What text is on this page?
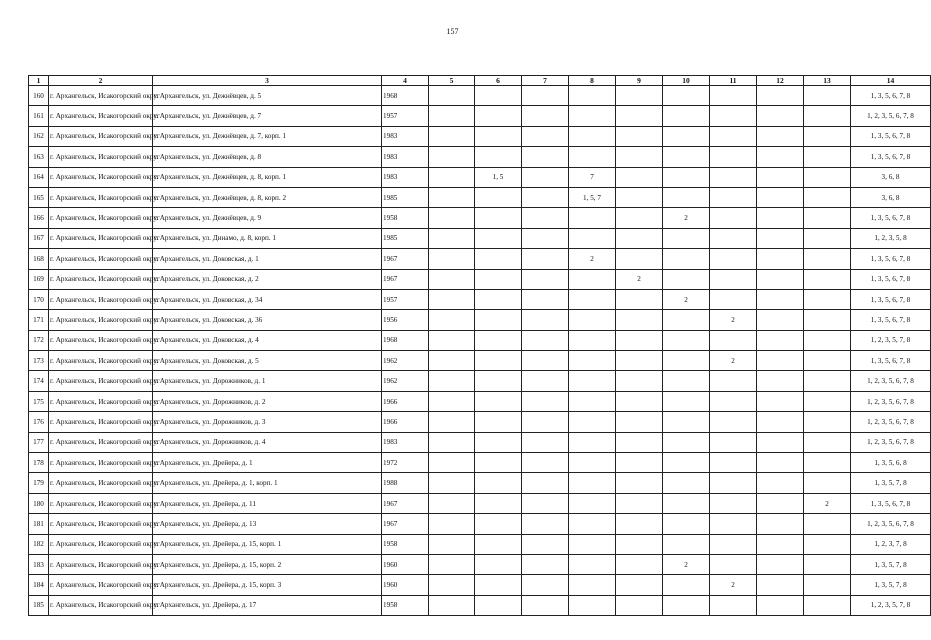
157
1	2	3	4	5	6	7	8	9	10	11	12	13	14
160	г. Архангельск, Исакогорский округ	г. Архангельск, ул. Дежнёвцев, д. 5	1968										1, 3, 5, 6, 7, 8
161	г. Архангельск, Исакогорский округ	г. Архангельск, ул. Дежнёвцев, д. 7	1957										1, 2, 3, 5, 6, 7, 8
162	г. Архангельск, Исакогорский округ	г. Архангельск, ул. Дежнёвцев, д. 7, корп. 1	1983										1, 3, 5, 6, 7, 8
163	г. Архангельск, Исакогорский округ	г. Архангельск, ул. Дежнёвцев, д. 8	1983										1, 3, 5, 6, 7, 8
164	г. Архангельск, Исакогорский округ	г. Архангельск, ул. Дежнёвцев, д. 8, корп. 1	1983		1, 5		7						3, 6, 8
165	г. Архангельск, Исакогорский округ	г. Архангельск, ул. Дежнёвцев, д. 8, корп. 2	1985				1, 5, 7						3, 6, 8
166	г. Архангельск, Исакогорский округ	г. Архангельск, ул. Дежнёвцев, д. 9	1958						2				1, 3, 5, 6, 7, 8
167	г. Архангельск, Исакогорский округ	г. Архангельск, ул. Динамо, д. 8, корп. 1	1985										1, 2, 3, 5, 8
168	г. Архангельск, Исакогорский округ	г. Архангельск, ул. Доковская, д. 1	1967				2						1, 3, 5, 6, 7, 8
169	г. Архангельск, Исакогорский округ	г. Архангельск, ул. Доковская, д. 2	1967					2					1, 3, 5, 6, 7, 8
170	г. Архангельск, Исакогорский округ	г. Архангельск, ул. Доковская, д. 34	1957						2				1, 3, 5, 6, 7, 8
171	г. Архангельск, Исакогорский округ	г. Архангельск, ул. Доковская, д. 36	1956							2			1, 3, 5, 6, 7, 8
172	г. Архангельск, Исакогорский округ	г. Архангельск, ул. Доковская, д. 4	1968										1, 2, 3, 5, 7, 8
173	г. Архангельск, Исакогорский округ	г. Архангельск, ул. Доковская, д. 5	1962							2			1, 3, 5, 6, 7, 8
174	г. Архангельск, Исакогорский округ	г. Архангельск, ул. Дорожников, д. 1	1962										1, 2, 3, 5, 6, 7, 8
175	г. Архангельск, Исакогорский округ	г. Архангельск, ул. Дорожников, д. 2	1966										1, 2, 3, 5, 6, 7, 8
176	г. Архангельск, Исакогорский округ	г. Архангельск, ул. Дорожников, д. 3	1966										1, 2, 3, 5, 6, 7, 8
177	г. Архангельск, Исакогорский округ	г. Архангельск, ул. Дорожников, д. 4	1983										1, 2, 3, 5, 6, 7, 8
178	г. Архангельск, Исакогорский округ	г. Архангельск, ул. Дрейера, д. 1	1972										1, 3, 5, 6, 8
179	г. Архангельск, Исакогорский округ	г. Архангельск, ул. Дрейера, д. 1, корп. 1	1988										1, 3, 5, 7, 8
180	г. Архангельск, Исакогорский округ	г. Архангельск, ул. Дрейера, д. 11	1967									2	1, 3, 5, 6, 7, 8
181	г. Архангельск, Исакогорский округ	г. Архангельск, ул. Дрейера, д. 13	1967										1, 2, 3, 5, 6, 7, 8
182	г. Архангельск, Исакогорский округ	г. Архангельск, ул. Дрейера, д. 15, корп. 1	1958										1, 2, 3, 7, 8
183	г. Архангельск, Исакогорский округ	г. Архангельск, ул. Дрейера, д. 15, корп. 2	1960						2				1, 3, 5, 7, 8
184	г. Архангельск, Исакогорский округ	г. Архангельск, ул. Дрейера, д. 15, корп. 3	1960							2			1, 3, 5, 7, 8
185	г. Архангельск, Исакогорский округ	г. Архангельск, ул. Дрейера, д. 17	1958										1, 2, 3, 5, 7, 8
